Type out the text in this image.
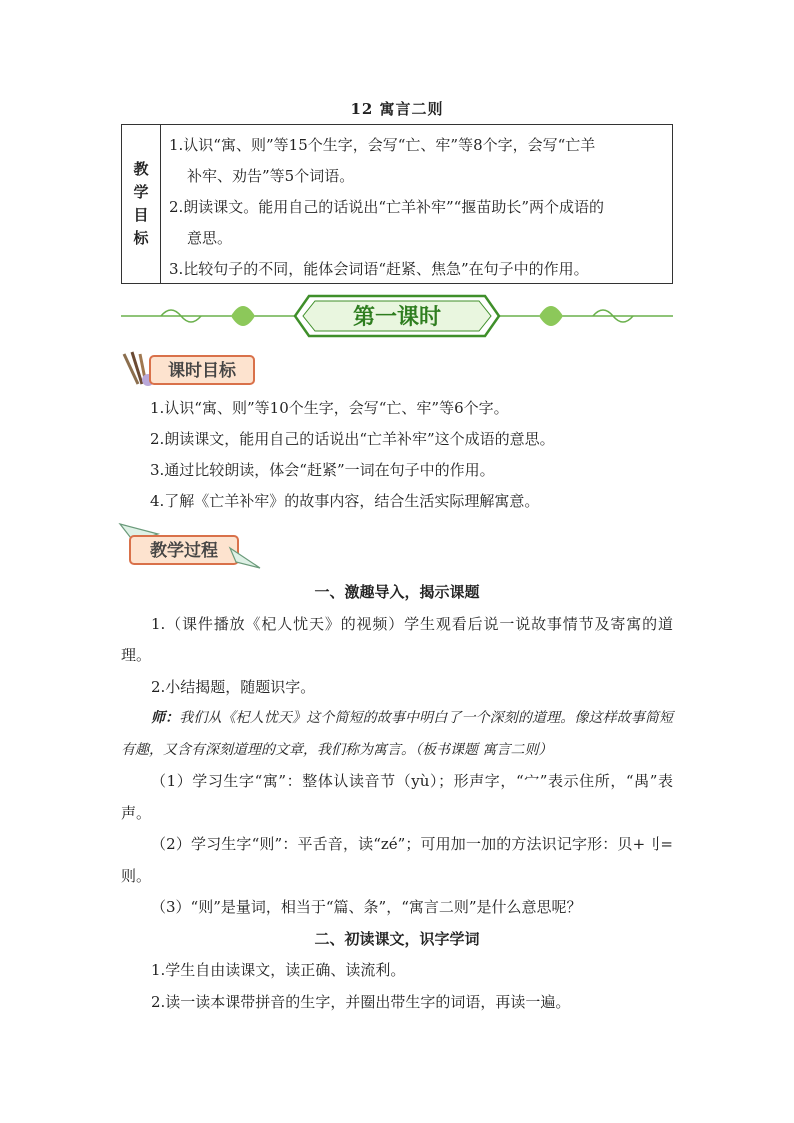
12 寓言二则
教
学
目
标

1.认识“寓、则”等15个生字，会写“亡、牢”等8个字，会写“亡羊

补牢、劝告”等5个词语。

2.朗读课文。能用自己的话说出“亡羊补牢”“揠苗助长”两个成语的

意思。

3.比较句子的不同，能体会词语“赶紧、焦急”在句子中的作用。

第一课时
课时目标

1.认识“寓、则”等10个生字，会写“亡、牢”等6个字。

2.朗读课文，能用自己的话说出“亡羊补牢”这个成语的意思。

3.通过比较朗读，体会“赶紧”一词在句子中的作用。

4.了解《亡羊补牢》的故事内容，结合生活实际理解寓意。

教学过程

一、激趣导入，揭示课题

1.（课件播放《杞人忧天》的视频）学生观看后说一说故事情节及寄寓的道理。

2.小结揭题，随题识字。

师：我们从《杞人忧天》这个简短的故事中明白了一个深刻的道理。像这样故事简短有趣，又含有深刻道理的文章，我们称为寓言。（板书课题 寓言二则）

（1）学习生字“寓”：整体认读音节（yù）；形声字，“宀”表示住所，“禺”表声。

（2）学习生字“则”：平舌音，读“zé”；可用加一加的方法识记字形：贝+刂=则。

（3）“则”是量词，相当于“篇、条”，“寓言二则”是什么意思呢？

二、初读课文，识字学词

1.学生自由读课文，读正确、读流利。

2.读一读本课带拼音的生字，并圈出带生字的词语，再读一遍。
